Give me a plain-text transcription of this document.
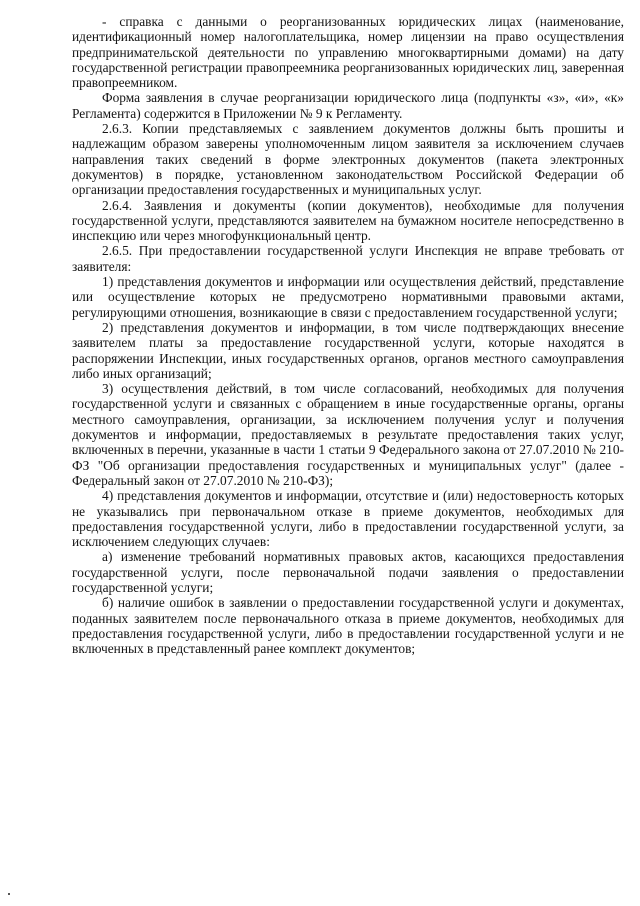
- справка с данными о реорганизованных юридических лицах (наименование, идентификационный номер налогоплательщика, номер лицензии на право осуществления предпринимательской деятельности по управлению многоквартирными домами) на дату государственной регистрации правопреемника реорганизованных юридических лиц, заверенная правопреемником.

Форма заявления в случае реорганизации юридического лица (подпункты «з», «и», «к» Регламента) содержится в Приложении № 9 к Регламенту.

2.6.3. Копии представляемых с заявлением документов должны быть прошиты и надлежащим образом заверены уполномоченным лицом заявителя за исключением случаев направления таких сведений в форме электронных документов (пакета электронных документов) в порядке, установленном законодательством Российской Федерации об организации предоставления государственных и муниципальных услуг.

2.6.4. Заявления и документы (копии документов), необходимые для получения государственной услуги, представляются заявителем на бумажном носителе непосредственно в инспекцию или через многофункциональный центр.

2.6.5. При предоставлении государственной услуги Инспекция не вправе требовать от заявителя:

1) представления документов и информации или осуществления действий, представление или осуществление которых не предусмотрено нормативными правовыми актами, регулирующими отношения, возникающие в связи с предоставлением государственной услуги;

2) представления документов и информации, в том числе подтверждающих внесение заявителем платы за предоставление государственной услуги, которые находятся в распоряжении Инспекции, иных государственных органов, органов местного самоуправления либо иных организаций;

3) осуществления действий, в том числе согласований, необходимых для получения государственной услуги и связанных с обращением в иные государственные органы, органы местного самоуправления, организации, за исключением получения услуг и получения документов и информации, предоставляемых в результате предоставления таких услуг, включенных в перечни, указанные в части 1 статьи 9 Федерального закона от 27.07.2010 № 210-ФЗ "Об организации предоставления государственных и муниципальных услуг" (далее - Федеральный закон от 27.07.2010 № 210-ФЗ);

4) представления документов и информации, отсутствие и (или) недостоверность которых не указывались при первоначальном отказе в приеме документов, необходимых для предоставления государственной услуги, либо в предоставлении государственной услуги, за исключением следующих случаев:

а) изменение требований нормативных правовых актов, касающихся предоставления государственной услуги, после первоначальной подачи заявления о предоставлении государственной услуги;

б) наличие ошибок в заявлении о предоставлении государственной услуги и документах, поданных заявителем после первоначального отказа в приеме документов, необходимых для предоставления государственной услуги, либо в предоставлении государственной услуги и не включенных в представленный ранее комплект документов;
